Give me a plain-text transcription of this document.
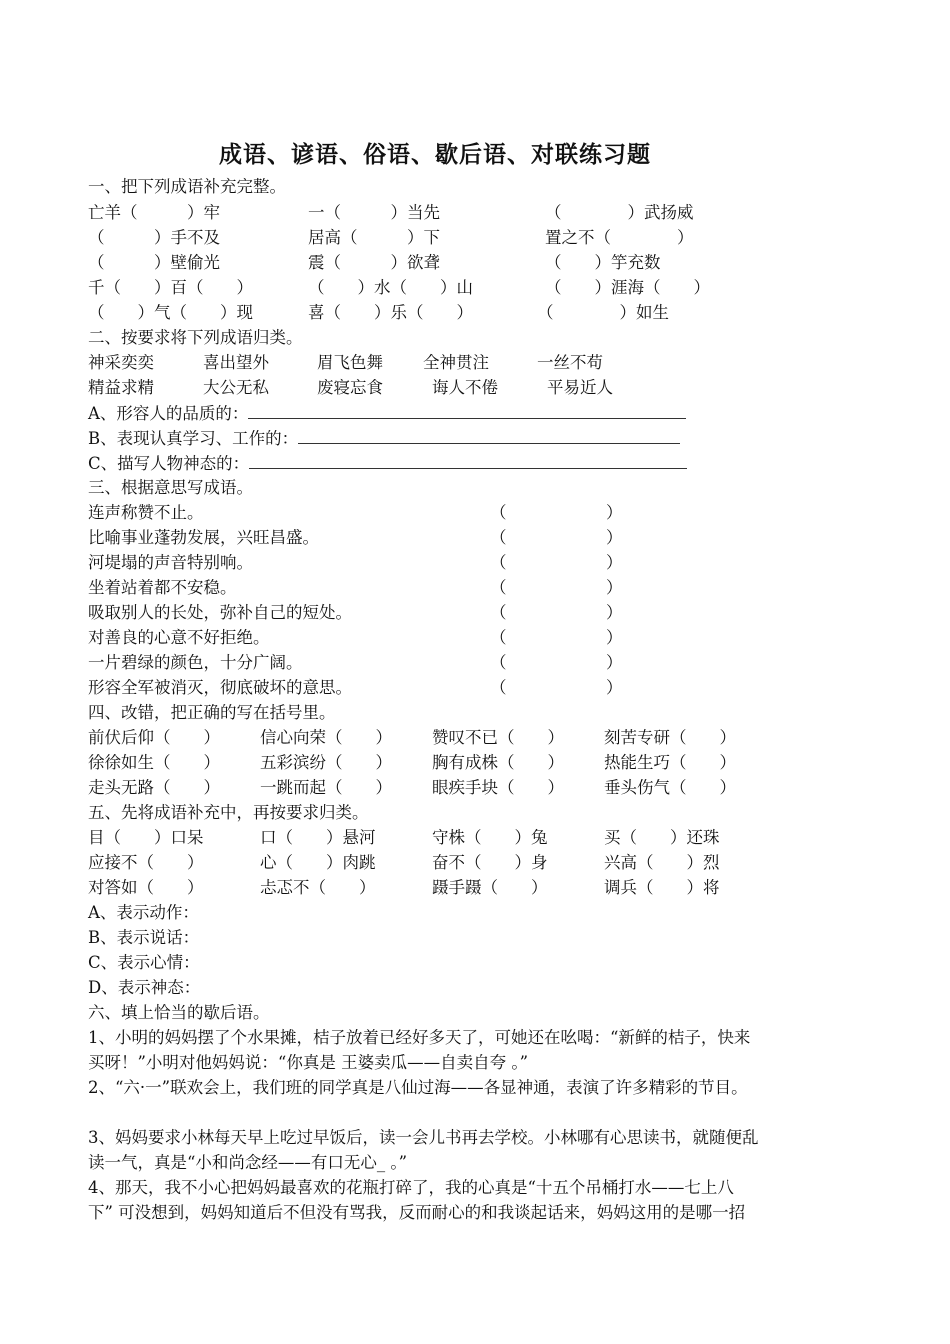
成语、谚语、俗语、歇后语、对联练习题
一、把下列成语补充完整。
亡羊（　　　）牢	一（　　　）当先	（　　　　）武扬威
（　　　）手不及	居高（　　　）下	置之不（　　　　）
（　　　）壁偷光	震（　　　）欲聋	（　　）竽充数
千（　　）百（　　）	（　　）水（　　）山	（　　）涯海（　　）
（　　）气（　　）现	喜（　　）乐（　　）	（　　　　）如生
二、按要求将下列成语归类。
神采奕奕	喜出望外	眉飞色舞 全神贯注	一丝不苟
精益求精	大公无私	废寝忘食	诲人不倦	平易近人
A、形容人的品质的：
B、表现认真学习、工作的：
C、描写人物神态的：
三、根据意思写成语。
连声称赞不止。	（	）
比喻事业蓬勃发展，兴旺昌盛。	（	）
河堤塌的声音特别响。	（	）
坐着站着都不安稳。	（	）
吸取别人的长处，弥补自己的短处。	（	）
对善良的心意不好拒绝。	（	）
一片碧绿的颜色，十分广阔。	（	）
形容全军被消灭，彻底破坏的意思。	（	）
四、改错，把正确的写在括号里。
前伏后仰（　　） 信心向荣（　　） 赞叹不已（　　） 刻苦专研（　　）
徐徐如生（　　） 五彩滨纷（　　） 胸有成株（　　） 热能生巧（　　）
走头无路（　　） 一跳而起（　　） 眼疾手块（　　） 垂头伤气（　　）
五、先将成语补充中，再按要求归类。
目（　　）口呆	口（　　）悬河	守株（　　）兔	买（　　）还珠
应接不（　　）	心（　　）肉跳	奋不（　　）身	兴高（　　）烈
对答如（　　）	忐忑不（　　）	蹑手蹑（　　）	调兵（　　）将
A、表示动作：
B、表示说话：
C、表示心情：
D、表示神态：
六、填上恰当的歇后语。
1、小明的妈妈摆了个水果摊，桔子放着已经好多天了，可她还在吆喝：“新鲜的桔子，快来
买呀！”小明对他妈妈说：“你真是 王婆卖瓜——自卖自夸 。”
2、“六·一”联欢会上，我们班的同学真是八仙过海——各显神通，表演了许多精彩的节目。
3、妈妈要求小林每天早上吃过早饭后，读一会儿书再去学校。小林哪有心思读书，就随便乱
读一气，真是“小和尚念经——有口无心_ 。”
4、那天，我不小心把妈妈最喜欢的花瓶打碎了，我的心真是“十五个吊桶打水——七上八
下” 可没想到，妈妈知道后不但没有骂我，反而耐心的和我谈起话来，妈妈这用的是哪一招
